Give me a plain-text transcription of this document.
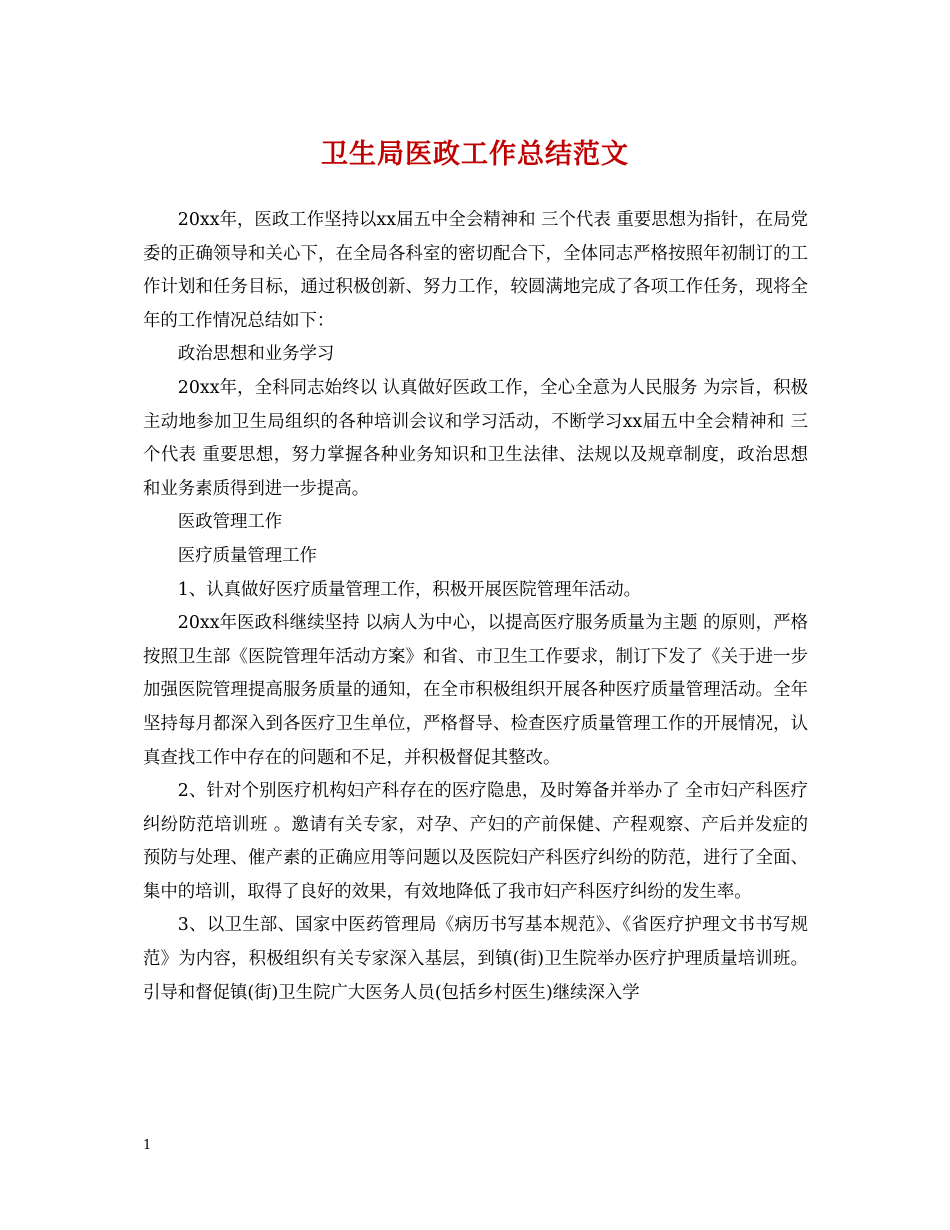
卫生局医政工作总结范文

20xx年，医政工作坚持以xx届五中全会精神和 三个代表 重要思想为指针，在局党委的正确领导和关心下，在全局各科室的密切配合下，全体同志严格按照年初制订的工作计划和任务目标，通过积极创新、努力工作，较圆满地完成了各项工作任务，现将全年的工作情况总结如下：

政治思想和业务学习

20xx年，全科同志始终以 认真做好医政工作，全心全意为人民服务 为宗旨，积极主动地参加卫生局组织的各种培训会议和学习活动，不断学习xx届五中全会精神和 三个代表 重要思想，努力掌握各种业务知识和卫生法律、法规以及规章制度，政治思想和业务素质得到进一步提高。

医政管理工作

医疗质量管理工作

1、认真做好医疗质量管理工作，积极开展医院管理年活动。

20xx年医政科继续坚持 以病人为中心，以提高医疗服务质量为主题 的原则，严格按照卫生部《医院管理年活动方案》和省、市卫生工作要求，制订下发了《关于进一步加强医院管理提高服务质量的通知，在全市积极组织开展各种医疗质量管理活动。全年坚持每月都深入到各医疗卫生单位，严格督导、检查医疗质量管理工作的开展情况，认真查找工作中存在的问题和不足，并积极督促其整改。

2、针对个别医疗机构妇产科存在的医疗隐患，及时筹备并举办了 全市妇产科医疗纠纷防范培训班 。邀请有关专家，对孕、产妇的产前保健、产程观察、产后并发症的预防与处理、催产素的正确应用等问题以及医院妇产科医疗纠纷的防范，进行了全面、集中的培训，取得了良好的效果，有效地降低了我市妇产科医疗纠纷的发生率。

3、以卫生部、国家中医药管理局《病历书写基本规范》、《省医疗护理文书书写规范》为内容，积极组织有关专家深入基层，到镇(街)卫生院举办医疗护理质量培训班。引导和督促镇(街)卫生院广大医务人员(包括乡村医生)继续深入学

1
